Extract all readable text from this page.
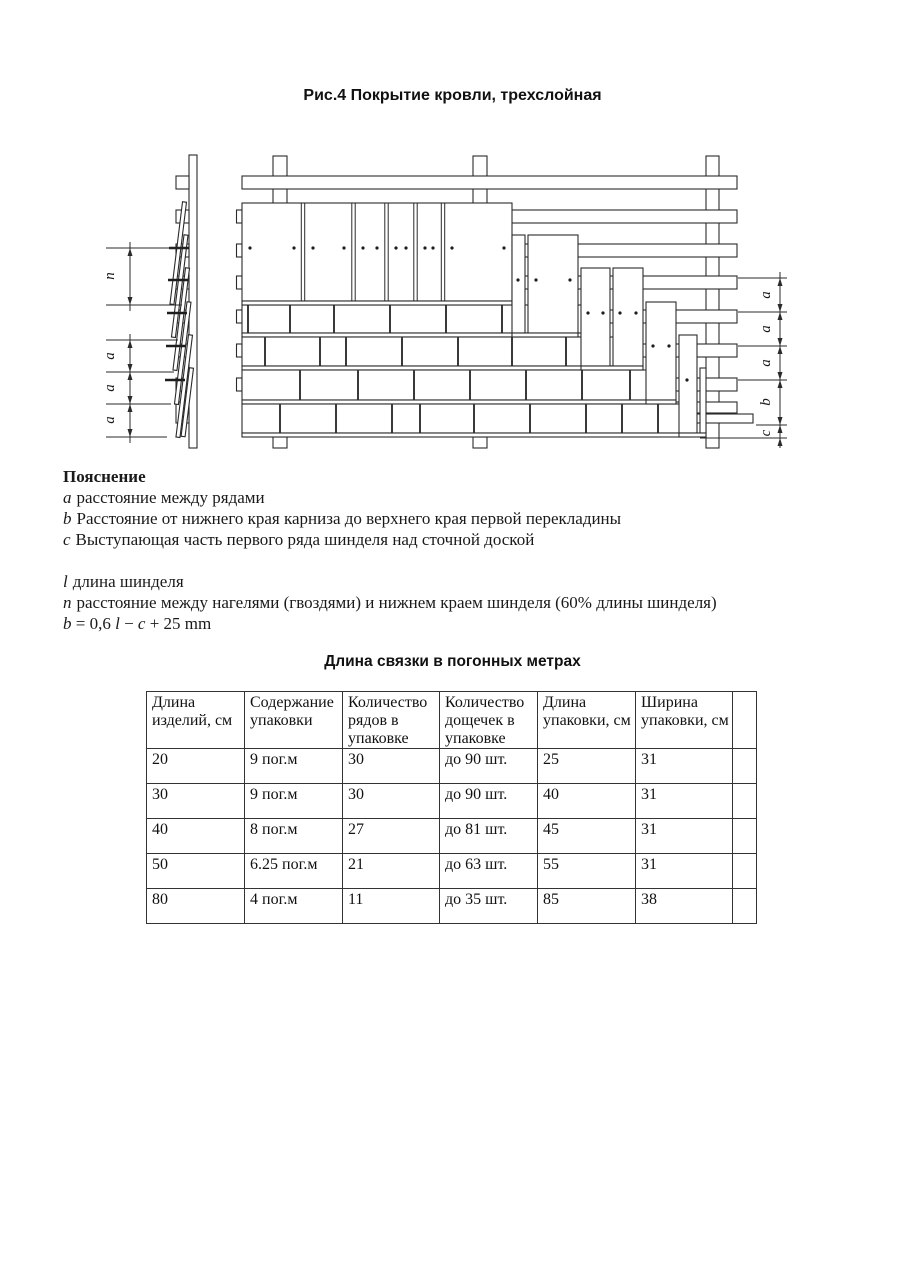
Рис.4 Покрытие кровли, трехслойная
n
a
a
a
a
a
a
b
c
Пояснение
a расстояние между рядами
b Расстояние от нижнего края карниза до верхнего края первой перекладины
c Выступающая часть первого ряда шинделя над сточной доской
l длина шинделя
n расстояние между нагелями (гвоздями) и нижнем краем шинделя (60% длины шинделя)
b = 0,6 l − c + 25 mm
Длина связки в погонных метрах
Длина изделий, см	Содержание упаковки	Количество рядов в упаковке	Количество дощечек в упаковке	Длина упаковки, см	Ширина упаковки, см	
20	9 пог.м	30	до 90 шт.	25	31	
30	9 пог.м	30	до 90 шт.	40	31	
40	8 пог.м	27	до 81 шт.	45	31	
50	6.25 пог.м	21	до 63 шт.	55	31	
80	4 пог.м	11	до 35 шт.	85	38	
